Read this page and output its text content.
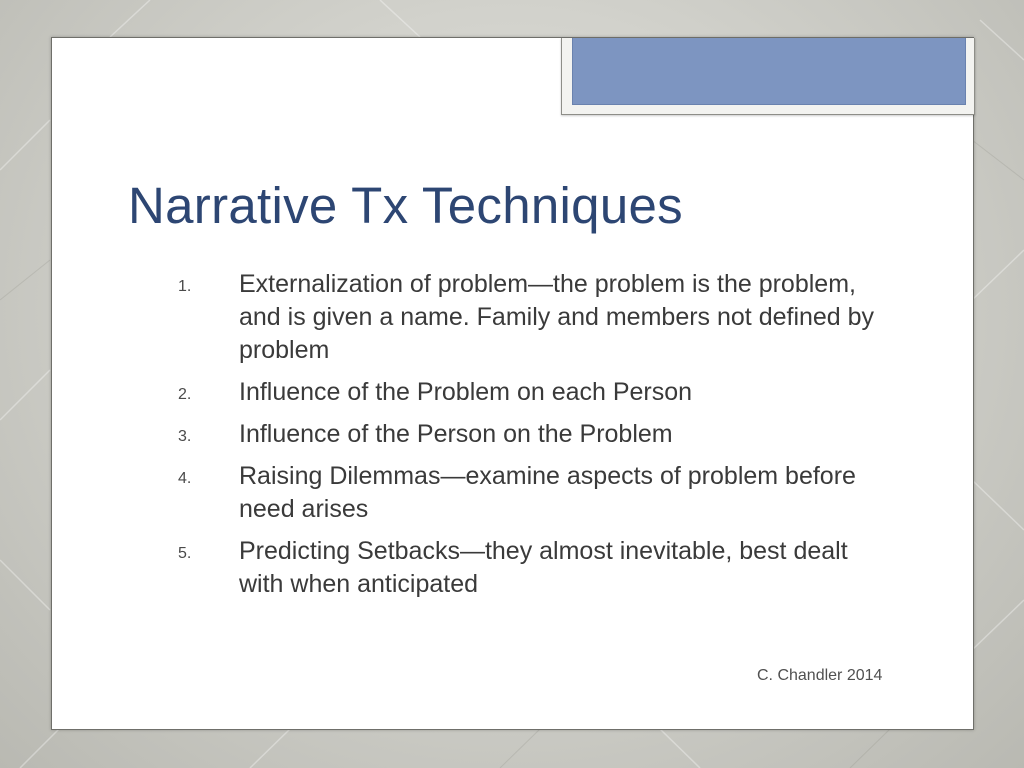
Narrative Tx Techniques
1. Externalization of problem—the problem is the problem, and is given a name. Family and members not defined by problem
2. Influence of the Problem on each Person
3. Influence of the Person on the Problem
4. Raising Dilemmas—examine aspects of problem before need arises
5. Predicting Setbacks—they almost inevitable, best dealt with when anticipated
C. Chandler 2014
